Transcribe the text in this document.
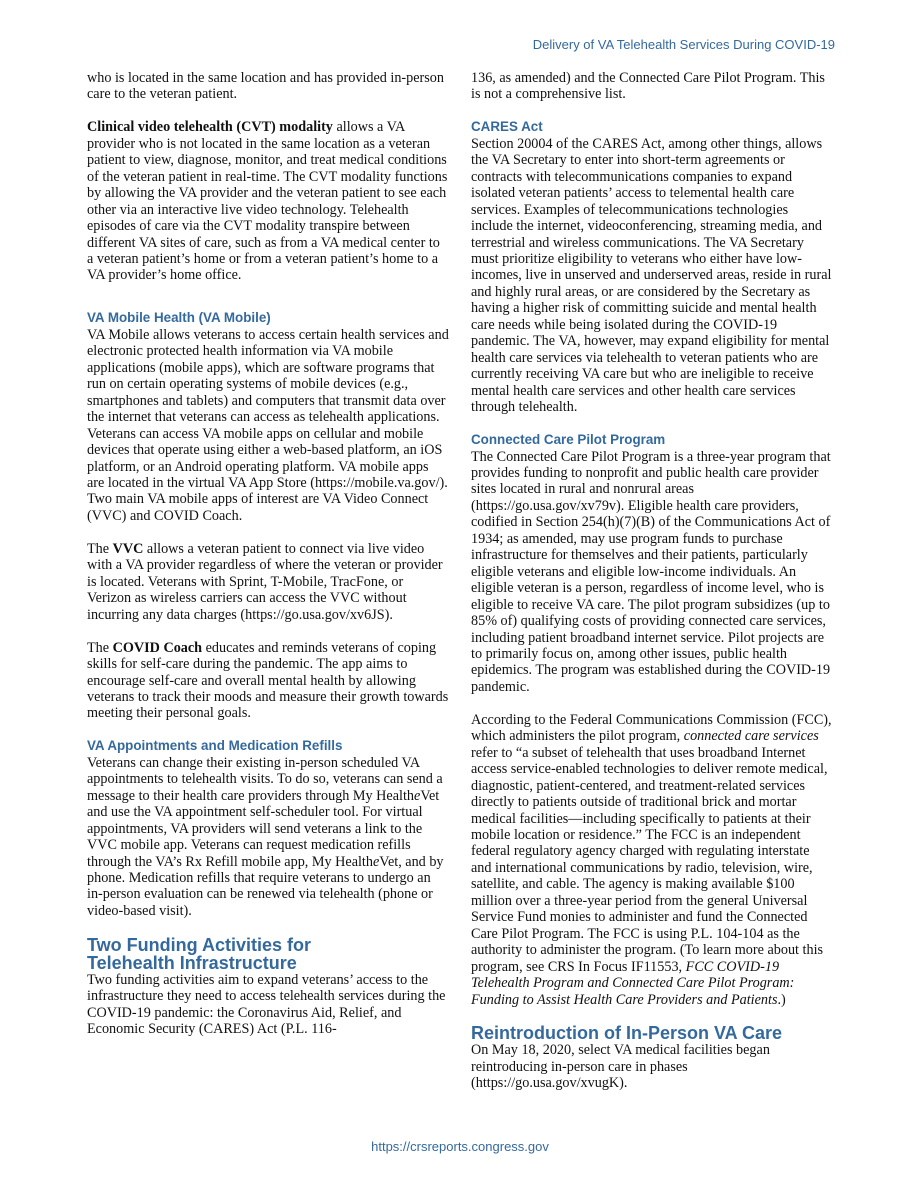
Delivery of VA Telehealth Services During COVID-19

who is located in the same location and has provided in-person care to the veteran patient.

Clinical video telehealth (CVT) modality allows a VA provider who is not located in the same location as a veteran patient to view, diagnose, monitor, and treat medical conditions of the veteran patient in real-time. The CVT modality functions by allowing the VA provider and the veteran patient to see each other via an interactive live video technology. Telehealth episodes of care via the CVT modality transpire between different VA sites of care, such as from a VA medical center to a veteran patient’s home or from a veteran patient’s home to a VA provider’s home office.

VA Mobile Health (VA Mobile)

VA Mobile allows veterans to access certain health services and electronic protected health information via VA mobile applications (mobile apps), which are software programs that run on certain operating systems of mobile devices (e.g., smartphones and tablets) and computers that transmit data over the internet that veterans can access as telehealth applications. Veterans can access VA mobile apps on cellular and mobile devices that operate using either a web-based platform, an iOS platform, or an Android operating platform. VA mobile apps are located in the virtual VA App Store (https://mobile.va.gov/). Two main VA mobile apps of interest are VA Video Connect (VVC) and COVID Coach.

The VVC allows a veteran patient to connect via live video with a VA provider regardless of where the veteran or provider is located. Veterans with Sprint, T-Mobile, TracFone, or Verizon as wireless carriers can access the VVC without incurring any data charges (https://go.usa.gov/xv6JS).

The COVID Coach educates and reminds veterans of coping skills for self-care during the pandemic. The app aims to encourage self-care and overall mental health by allowing veterans to track their moods and measure their growth towards meeting their personal goals.

VA Appointments and Medication Refills

Veterans can change their existing in-person scheduled VA appointments to telehealth visits. To do so, veterans can send a message to their health care providers through My HealtheVet and use the VA appointment self-scheduler tool. For virtual appointments, VA providers will send veterans a link to the VVC mobile app. Veterans can request medication refills through the VA’s Rx Refill mobile app, My HealtheVet, and by phone. Medication refills that require veterans to undergo an in-person evaluation can be renewed via telehealth (phone or video-based visit).

Two Funding Activities for
Telehealth Infrastructure

Two funding activities aim to expand veterans’ access to the infrastructure they need to access telehealth services during the COVID-19 pandemic: the Coronavirus Aid, Relief, and Economic Security (CARES) Act (P.L. 116-

136, as amended) and the Connected Care Pilot Program. This is not a comprehensive list.

CARES Act

Section 20004 of the CARES Act, among other things, allows the VA Secretary to enter into short-term agreements or contracts with telecommunications companies to expand isolated veteran patients’ access to telemental health care services. Examples of telecommunications technologies include the internet, videoconferencing, streaming media, and terrestrial and wireless communications. The VA Secretary must prioritize eligibility to veterans who either have low-incomes, live in unserved and underserved areas, reside in rural and highly rural areas, or are considered by the Secretary as having a higher risk of committing suicide and mental health care needs while being isolated during the COVID-19 pandemic. The VA, however, may expand eligibility for mental health care services via telehealth to veteran patients who are currently receiving VA care but who are ineligible to receive mental health care services and other health care services through telehealth.

Connected Care Pilot Program

The Connected Care Pilot Program is a three-year program that provides funding to nonprofit and public health care provider sites located in rural and nonrural areas (https://go.usa.gov/xv79v). Eligible health care providers, codified in Section 254(h)(7)(B) of the Communications Act of 1934; as amended, may use program funds to purchase infrastructure for themselves and their patients, particularly eligible veterans and eligible low-income individuals. An eligible veteran is a person, regardless of income level, who is eligible to receive VA care. The pilot program subsidizes (up to 85% of) qualifying costs of providing connected care services, including patient broadband internet service. Pilot projects are to primarily focus on, among other issues, public health epidemics. The program was established during the COVID-19 pandemic.

According to the Federal Communications Commission (FCC), which administers the pilot program, connected care services refer to “a subset of telehealth that uses broadband Internet access service-enabled technologies to deliver remote medical, diagnostic, patient-centered, and treatment-related services directly to patients outside of traditional brick and mortar medical facilities—including specifically to patients at their mobile location or residence.” The FCC is an independent federal regulatory agency charged with regulating interstate and international communications by radio, television, wire, satellite, and cable. The agency is making available $100 million over a three-year period from the general Universal Service Fund monies to administer and fund the Connected Care Pilot Program. The FCC is using P.L. 104-104 as the authority to administer the program. (To learn more about this program, see CRS In Focus IF11553, FCC COVID-19 Telehealth Program and Connected Care Pilot Program: Funding to Assist Health Care Providers and Patients.)

Reintroduction of In-Person VA Care

On May 18, 2020, select VA medical facilities began reintroducing in-person care in phases (https://go.usa.gov/xvugK).

https://crsreports.congress.gov
